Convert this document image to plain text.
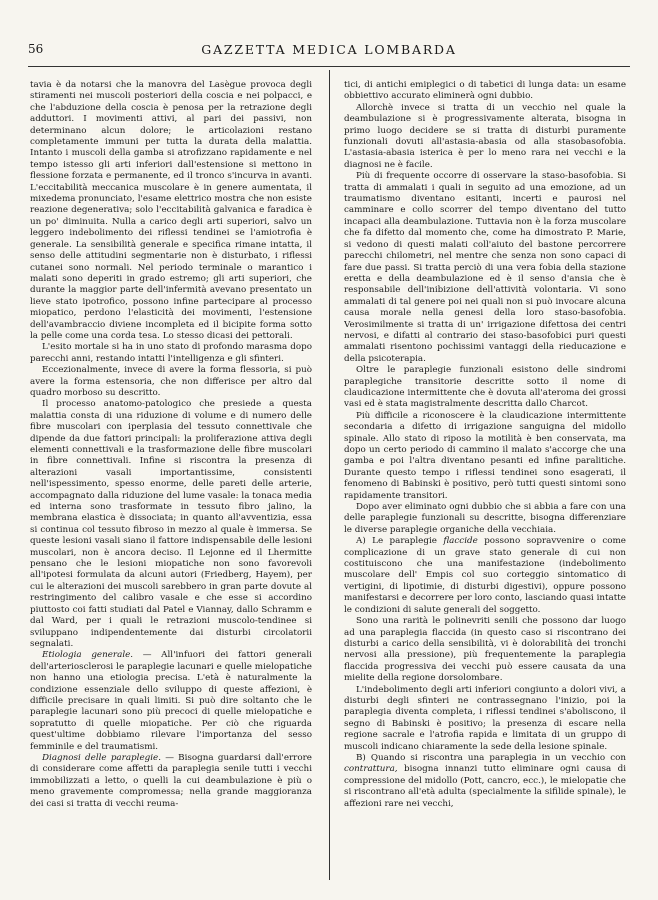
56	GAZZETTA MEDICA LOMBARDA

tavia è da notarsi che la manovra del Lasègue provoca degli stiramenti nei muscoli posteriori della coscia e nei polpacci, e che l'abduzione della coscia è penosa per la retrazione degli adduttori. I movimenti attivi, al pari dei passivi, non determinano alcun dolore; le articolazioni restano completamente immuni per tutta la durata della malattia. Intanto i muscoli della gamba si atrofizzano rapidamente e nel tempo istesso gli arti inferiori dall'estensione si mettono in flessione forzata e permanente, ed il tronco s'incurva in avanti. L'eccitabilità meccanica muscolare è in genere aumentata, il mixedema pronunciato, l'esame elettrico mostra che non esiste reazione degenerativa; solo l'eccitabilità galvanica e faradica è un po' diminuita. Nulla a carico degli arti superiori, salvo un leggero indebolimento dei riflessi tendinei se l'amiotrofia è generale. La sensibilità generale e specifica rimane intatta, il senso delle attitudini segmentarie non è disturbato, i riflessi cutanei sono normali. Nel periodo terminale o marantico i malati sono deperiti in grado estremo; gli arti superiori, che durante la maggior parte dell'infermità avevano presentato un lieve stato ipotrofico, possono infine partecipare al processo miopatico, perdono l'elasticità dei movimenti, l'estensione dell'avambraccio diviene incompleta ed il bicipite forma sotto la pelle come una corda tesa. Lo stesso dicasi dei pettorali.

L'esito mortale si ha in uno stato di profondo marasma dopo parecchi anni, restando intatti l'intelligenza e gli sfinteri.

Eccezionalmente, invece di avere la forma flessoria, si può avere la forma estensoria, che non differisce per altro dal quadro morboso su descritto.

Il processo anatomo-patologico che presiede a questa malattia consta di una riduzione di volume e di numero delle fibre muscolari con iperplasia del tessuto connettivale che dipende da due fattori principali: la proliferazione attiva degli elementi connettivali e la trasformazione delle fibre muscolari in fibre connettivali. Infine si riscontra la presenza di alterazioni vasali importantissime, consistenti nell'ispessimento, spesso enorme, delle pareti delle arterie, accompagnato dalla riduzione del lume vasale: la tonaca media ed interna sono trasformate in tessuto fibro jalino, la membrana elastica è dissociata; in quanto all'avventizia, essa si continua col tessuto fibroso in mezzo al quale è immersa. Se queste lesioni vasali siano il fattore indispensabile delle lesioni muscolari, non è ancora deciso. Il Lejonne ed il Lhermitte pensano che le lesioni miopatiche non sono favorevoli all'ipotesi formulata da alcuni autori (Friedberg, Hayem), per cui le alterazioni dei muscoli sarebbero in gran parte dovute al restringimento del calibro vasale e che esse si accordino piuttosto coi fatti studiati dal Patel e Viannay, dallo Schramm e dal Ward, per i quali le retrazioni muscolo-tendinee si sviluppano indipendentemente dai disturbi circolatorii segnalati.

Etiologia generale. — All'infuori dei fattori generali dell'arteriosclerosi le paraplegie lacunari e quelle mielopatiche non hanno una etiologia precisa. L'età è naturalmente la condizione essenziale dello sviluppo di queste affezioni, è difficile precisare in quali limiti. Si può dire soltanto che le paraplegie lacunari sono più precoci di quelle mielopatiche e sopratutto di quelle miopatiche. Per ciò che riguarda quest'ultime dobbiamo rilevare l'importanza del sesso femminile e del traumatismi.

Diagnosi delle paraplegie. — Bisogna guardarsi dall'errore di considerare come affetti da paraplegia senile tutti i vecchi immobilizzati a letto, o quelli la cui deambulazione è più o meno gravemente compromessa; nella grande maggioranza dei casi si tratta di vecchi reuma-

tici, di antichi emiplegici o di tabetici di lunga data: un esame obbiettivo accurato eliminerà ogni dubbio.

Allorchè invece si tratta di un vecchio nel quale la deambulazione si è progressivamente alterata, bisogna in primo luogo decidere se si tratta di disturbi puramente funzionali dovuti all'astasia-abasia od alla stasobasofobia. L'astasia-abasia isterica è per lo meno rara nei vecchi e la diagnosi ne è facile.

Più di frequente occorre di osservare la staso-basofobia. Si tratta di ammalati i quali in seguito ad una emozione, ad un traumatismo diventano esitanti, incerti e paurosi nel camminare e collo scorrer del tempo diventano del tutto incapaci alla deambulazione. Tuttavia non è la forza muscolare che fa difetto dal momento che, come ha dimostrato P. Marie, si vedono di questi malati coll'aiuto del bastone percorrere parecchi chilometri, nel mentre che senza non sono capaci di fare due passi. Si tratta perciò di una vera fobia della stazione eretta e della deambulazione ed è il senso d'ansia che è responsabile dell'inibizione dell'attività volontaria. Vi sono ammalati di tal genere poi nei quali non si può invocare alcuna causa morale nella genesi della loro staso-basofobia. Verosimilmente si tratta di un' irrigazione difettosa dei centri nervosi, e difatti al contrario dei staso-basofobici puri questi ammalati risentono pochissimi vantaggi della rieducazione e della psicoterapia.

Oltre le paraplegie funzionali esistono delle sindromi paraplegiche transitorie descritte sotto il nome di claudicazione intermittente che è dovuta all'ateroma dei grossi vasi ed è stata magistralmente descritta dallo Charcot.

Più difficile a riconoscere è la claudicazione intermittente secondaria a difetto di irrigazione sanguigna del midollo spinale. Allo stato di riposo la motilità è ben conservata, ma dopo un certo periodo di cammino il malato s'accorge che una gamba e poi l'altra diventano pesanti ed infine paralitiche. Durante questo tempo i riflessi tendinei sono esagerati, il fenomeno di Babinski è positivo, però tutti questi sintomi sono rapidamente transitori.

Dopo aver eliminato ogni dubbio che si abbia a fare con una delle paraplegie funzionali su descritte, bisogna differenziare le diverse paraplegie organiche della vecchiaia.

A) Le paraplegie flaccide possono sopravvenire o come complicazione di un grave stato generale di cui non costituiscono che una manifestazione (indebolimento muscolare dell' Empis col suo corteggio sintomatico di vertigini, di lipotimie, di disturbi digestivi), oppure possono manifestarsi e decorrere per loro conto, lasciando quasi intatte le condizioni di salute generali del soggetto.

Sono una rarità le polinevriti senili che possono dar luogo ad una paraplegia flaccida (in questo caso si riscontrano dei disturbi a carico della sensibilità, vi è dolorabilità dei tronchi nervosi alla pressione), più frequentemente la paraplegia flaccida progressiva dei vecchi può essere causata da una mielite della regione dorsolombare.

L'indebolimento degli arti inferiori congiunto a dolori vivi, a disturbi degli sfinteri ne contrassegnano l'inizio, poi la paraplegia diventa completa, i riflessi tendinei s'aboliscono, il segno di Babinski è positivo; la presenza di escare nella regione sacrale e l'atrofia rapida e limitata di un gruppo di muscoli indicano chiaramente la sede della lesione spinale.

B) Quando si riscontra una paraplegia in un vecchio con contrattura, bisogna innanzi tutto eliminare ogni causa di compressione del midollo (Pott, cancro, ecc.), le mielopatie che si riscontrano all'età adulta (specialmente la sifilide spinale), le affezioni rare nei vecchi,
